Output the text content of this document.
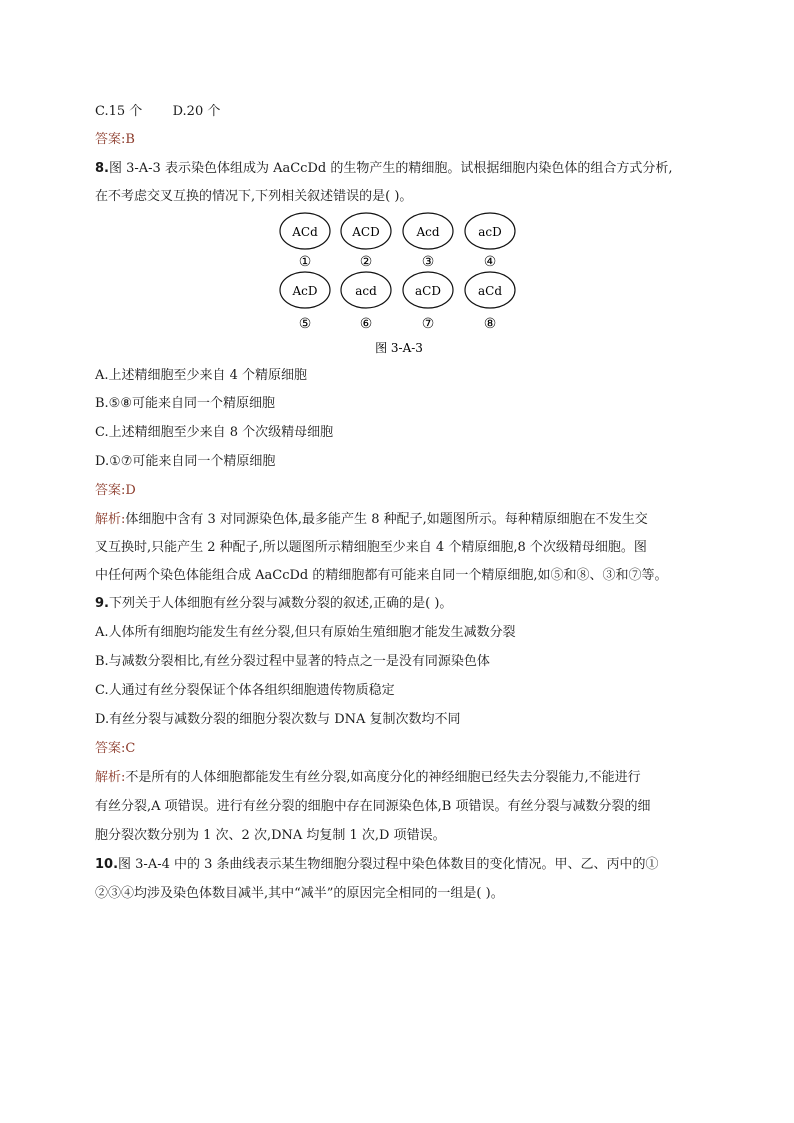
C.15 个 D.20 个
答案:B
8.图 3-A-3 表示染色体组成为 AaCcDd 的生物产生的精细胞。试根据细胞内染色体的组合方式分析,
在不考虑交叉互换的情况下,下列相关叙述错误的是( )。
ACd
①
ACD
②
Acd
③
acD
④
AcD
⑤
acd
⑥
aCD
⑦
aCd
⑧
图 3-A-3
A.上述精细胞至少来自 4 个精原细胞
B.⑤⑧可能来自同一个精原细胞
C.上述精细胞至少来自 8 个次级精母细胞
D.①⑦可能来自同一个精原细胞
答案:D
解析:体细胞中含有 3 对同源染色体,最多能产生 8 种配子,如题图所示。每种精原细胞在不发生交
叉互换时,只能产生 2 种配子,所以题图所示精细胞至少来自 4 个精原细胞,8 个次级精母细胞。图
中任何两个染色体能组合成 AaCcDd 的精细胞都有可能来自同一个精原细胞,如⑤和⑧、③和⑦等。
9.下列关于人体细胞有丝分裂与减数分裂的叙述,正确的是( )。
A.人体所有细胞均能发生有丝分裂,但只有原始生殖细胞才能发生减数分裂
B.与减数分裂相比,有丝分裂过程中显著的特点之一是没有同源染色体
C.人通过有丝分裂保证个体各组织细胞遗传物质稳定
D.有丝分裂与减数分裂的细胞分裂次数与 DNA 复制次数均不同
答案:C
解析:不是所有的人体细胞都能发生有丝分裂,如高度分化的神经细胞已经失去分裂能力,不能进行
有丝分裂,A 项错误。进行有丝分裂的细胞中存在同源染色体,B 项错误。有丝分裂与减数分裂的细
胞分裂次数分别为 1 次、2 次,DNA 均复制 1 次,D 项错误。
10.图 3-A-4 中的 3 条曲线表示某生物细胞分裂过程中染色体数目的变化情况。甲、乙、丙中的①
②③④均涉及染色体数目减半,其中“减半”的原因完全相同的一组是( )。
